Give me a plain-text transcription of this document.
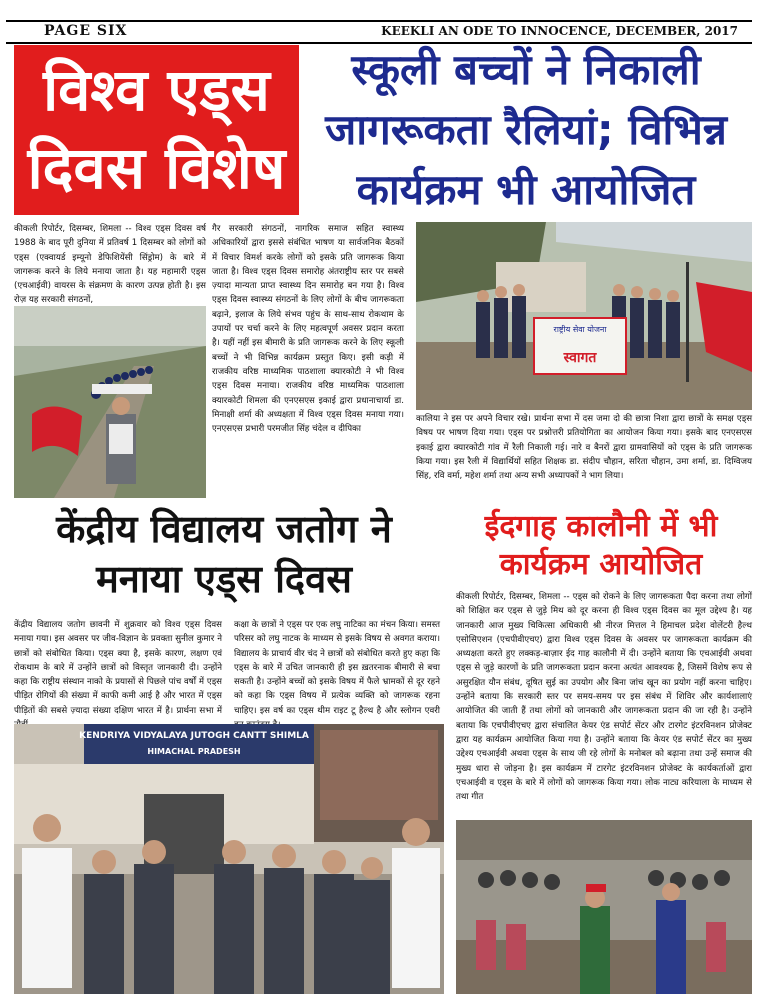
PAGE SIX	KEEKLI AN ODE TO INNOCENCE, DECEMBER, 2017
विश्व एड्स
दिवस विशेष
स्कूली बच्चों ने निकाली
जागरूकता रैलियां; विभिन्न
कार्यक्रम भी आयोजित

कीकली रिपोर्टर, दिसम्बर, शिमला -- विश्व एड्स दिवस वर्ष 1988 के बाद पूरी दुनिया में प्रतिवर्ष 1 दिसम्बर को लोगों को एड्स (एक्वायर्ड इम्यूनो डेफिशियेंसी सिंड्रोम) के बारे में जागरूक करने के लिये मनाया जाता है। यह महामारी एड्स (एचआईवी) वायरस के संक्रमण के कारण उत्पन्न होती है। इस रोज़ यह सरकारी संगठनों,

गैर सरकारी संगठनों, नागरिक समाज सहित स्वास्थ्य अधिकारियों द्वारा इससे संबंधित भाषण या सार्वजनिक बैठकों में विचार विमर्श करके लोगों को इसके प्रति जागरूक किया जाता है। विश्व एड्स दिवस समारोह अंतराष्ट्रीय स्तर पर सबसे ज़्यादा मान्यता प्राप्त स्वास्थ्य दिन समारोह बन गया है। विश्व एड्स दिवस स्वास्थ्य संगठनों के लिए लोगों के बीच जागरूकता बढ़ाने, इलाज के लिये संभव पहुंच के साथ-साथ रोकथाम के उपायों पर चर्चा करने के लिए महत्वपूर्ण अवसर प्रदान करता है। यहीं नहीं इस बीमारी के प्रति जागरूक करने के लिए स्कूली बच्चों ने भी विभिन्न कार्यक्रम प्रस्तुत किए। इसी कड़ी में राजकीय वरिष्ठ माध्यमिक पाठशाला क्यारकोटी ने भी विश्व एड्स दिवस मनाया। राजकीय वरिष्ठ माध्यमिक पाठशाला क्यारकोटी शिमला की एनएसएस इकाई द्वारा प्रधानाचार्या डा. मिनाक्षी शर्मा की अध्यक्षता में विश्व एड्स दिवस मनाया गया। एनएसएस प्रभारी परमजीत सिंह चंदेल व दीपिका

राष्ट्रीय सेवा योजना
स्वागत

कालिया ने इस पर अपने विचार रखे। प्रार्थना सभा में दस जमा दो की छात्रा निशा द्वारा छात्रों के समक्ष एड्स विषय पर भाषण दिया गया। एड्स पर प्रश्नोत्तरी प्रतियोगिता का आयोजन किया गया। इसके बाद एनएसएस इकाई द्वारा क्यारकोटी गांव में रैली निकाली गई। नारे व बैनरों द्वारा ग्रामवासियों को एड्स के प्रति जागरूक किया गया। इस रैली में विद्यार्थियों सहित शिक्षक डा. संदीप चौहान, सरिता चौहान, उमा शर्मा, डा. दिग्विजय सिंह, रवि वर्मा, महेश शर्मा तथा अन्य सभी अध्यापकों ने भाग लिया।

केंद्रीय विद्यालय जतोग ने
मनाया एड्स दिवस

केंद्रीय विद्यालय जतोग छावनी में शुक्रवार को विश्व एड्स दिवस मनाया गया। इस अवसर पर जीव-विज्ञान के प्रवक्ता सुनील कुमार ने छात्रों को संबोधित किया। एड्स क्या है, इसके कारण, लक्षण एवं रोकथाम के बारे में उन्होंने छात्रों को विस्तृत जानकारी दी। उन्होंने कहा कि राष्ट्रीय संस्थान नाको के प्रयासों से पिछले पांच वर्षों में एड्स पीड़ित रोगियों की संख्या में काफी कमी आई है और भारत में एड्स पीड़ितों की सबसे ज़्यादा संख्या दक्षिण भारत में है। प्रार्थना सभा में

कक्षा के छात्रों ने एड्स पर एक लघु नाटिका का मंचन किया। समस्त परिसर को लघु नाटक के माध्यम से इसके विषय से अवगत कराया। विद्यालय के प्राचार्य वीर चंद ने छात्रों को संबोधित करते हुए कहा कि एड्स के बारे में उचित जानकारी ही इस ख़तरनाक बीमारी से बचा सकती है। उन्होंने बच्चों को इसके विषय में फैले भ्रामकों से दूर रहने को कहा कि एड्स विषय में प्रत्येक व्यक्ति को जागरूक रहना चाहिए। इस वर्ष का एड्स थीम राइट टू हैल्थ है और स्लोगन एवरी

KENDRIYA VIDYALAYA JUTOGH CANTT SHIMLA
HIMACHAL PRADESH
ईदगाह कालौनी में भी
कार्यक्रम आयोजित

कीकली रिपोर्टर, दिसम्बर, शिमला -- एड्स को रोकने के लिए जागरूकता पैदा करना तथा लोगों को शिक्षित कर एड्स से जुड़े मिथ को दूर करना ही विश्व एड्स दिवस का मूल उद्देश्य है। यह जानकारी आज मुख्य चिकित्सा अधिकारी श्री नीरज मित्तल ने हिमाचल प्रदेश वोलेंटरी हैल्थ एसोसिएशन (एचपीवीएचए) द्वारा विश्व एड्स दिवस के अवसर पर जागरूकता कार्यक्रम की अध्यक्षता करते हुए लक्कड़-बाज़ार ईद गाह कालौनी में दी। उन्होंने बताया कि एचआईवी अथवा एड्स से जुड़े कारणों के प्रति जागरूकता प्रदान करना अत्यंत आवश्यक है, जिसमें विशेष रूप से असुरक्षित यौन संबंध, दूषित सुई का उपयोग और बिना जांच खून का प्रयोग नहीं करना चाहिए। उन्होंने बताया कि सरकारी स्तर पर समय-समय पर इस संबंध में शिविर और कार्यशालाएं आयोजित की जाती हैं तथा लोगों को जानकारी और जागरूकता प्रदान की जा रही है। उन्होंने बताया कि एचपीवीएचए द्वारा संचालित केयर एंड सपोर्ट सेंटर और टारगेट इंटरविनशन प्रोजेक्ट द्वारा यह कार्यक्रम आयोजित किया गया है। उन्होंने बताया कि केयर एंड सपोर्ट सेंटर का मुख्य उद्देश्य एचआईवी अथवा एड्स के साथ जी रहे लोगों के मनोबल को बढ़ाना तथा उन्हें समाज की मुख्य धारा से जोड़ना है। इस कार्यक्रम में टारगेट इंटरविनशन प्रोजेक्ट के कार्यकर्ताओं द्वारा एचआईवी व एड्स के बारे में लोगों को जागरूक किया गया। लोक नाट्य करियाला के माध्यम से तथा गीत
